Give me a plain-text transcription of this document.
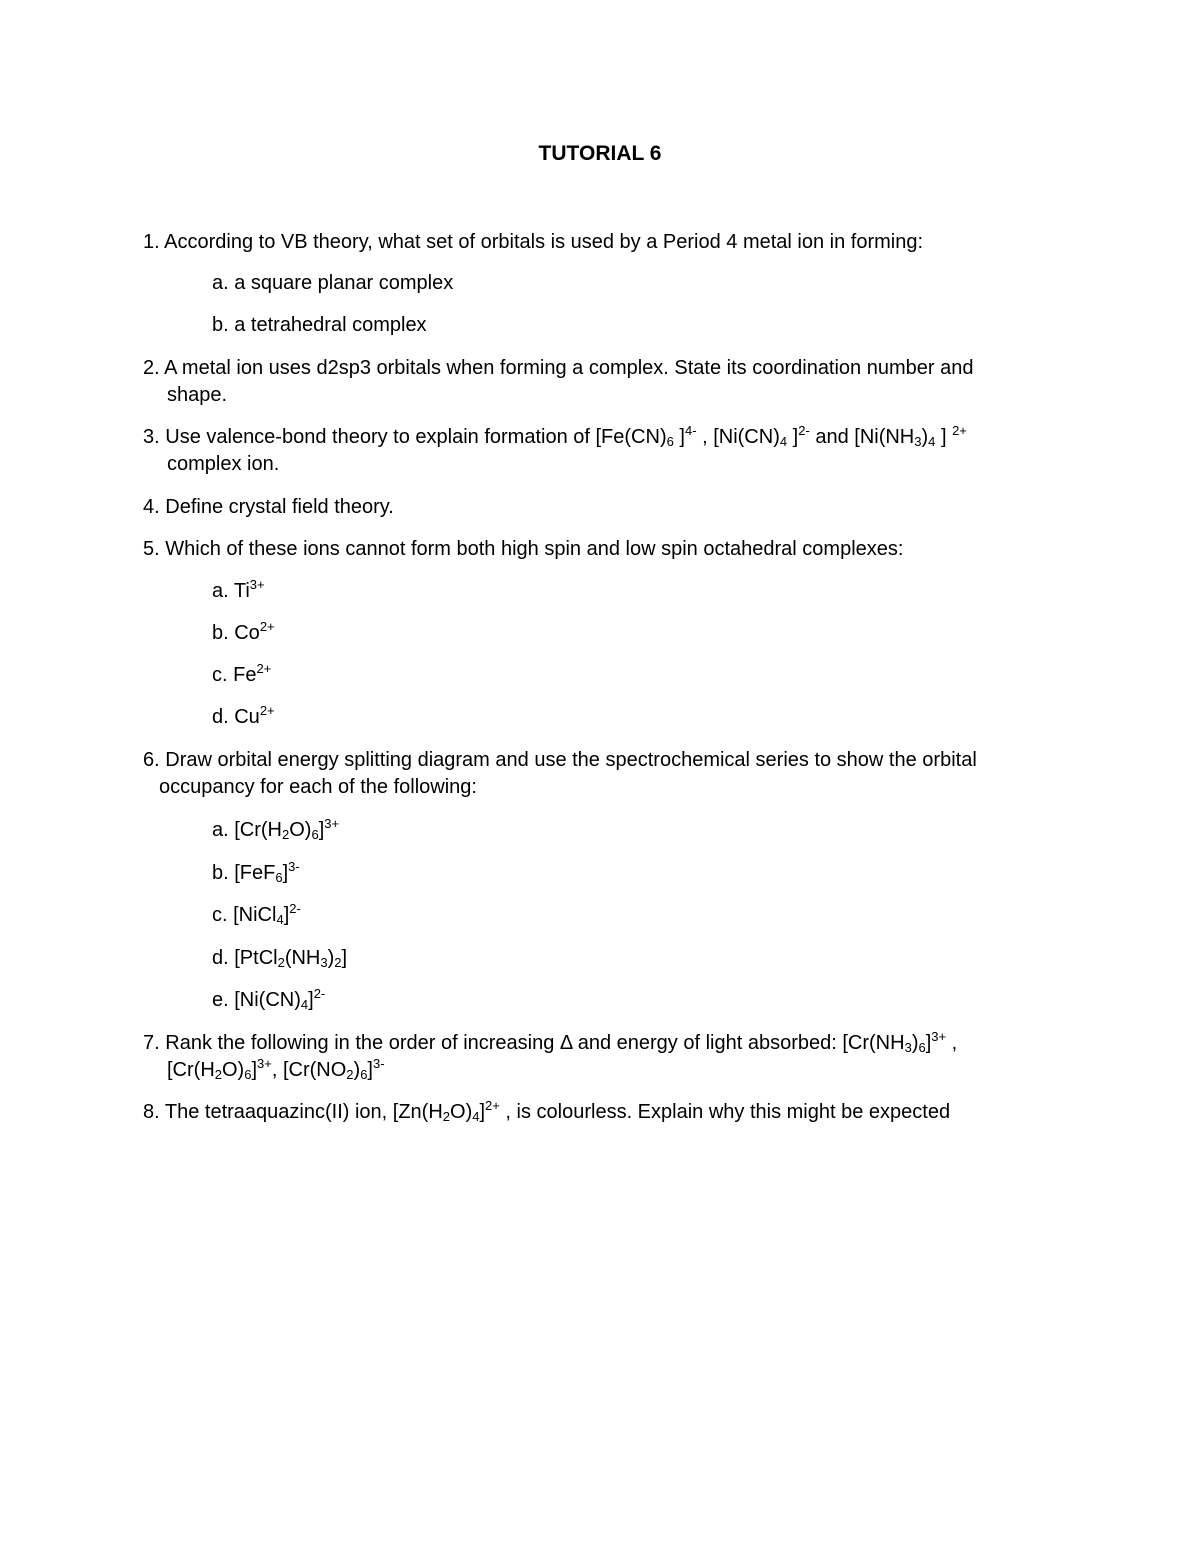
TUTORIAL 6
1. According to VB theory, what set of orbitals is used by a Period 4 metal ion in forming:
a. a square planar complex
b. a tetrahedral complex
2. A metal ion uses d2sp3 orbitals when forming a complex. State its coordination number and
shape.
3. Use valence-bond theory to explain formation of [$Fe(CN)_6$ ]$^{4-}$ , [$Ni(CN)_4$ ]$^{2-}$ and [$Ni(NH_3)_4$ ] $^{2+}$
complex ion.
4. Define crystal field theory.
5. Which of these ions cannot form both high spin and low spin octahedral complexes:
a. $Ti^{3+}$
b. $Co^{2+}$
c. $Fe^{2+}$
d. $Cu^{2+}$
6. Draw orbital energy splitting diagram and use the spectrochemical series to show the orbital
occupancy for each of the following:
a. $[Cr(H_2O)_6]^{3+}$
b. $[FeF_6]^{3-}$
c. [NiCl$_4$]$^{2-}$
d. $[PtCl_2(NH_3)_2]$
e. $[Ni(CN)_4]^{2-}$
7. Rank the following in the order of increasing Δ and energy of light absorbed: $[Cr(NH_3)_6]^{3+}$ ,
$[Cr(H_2O)_6]^{3+}$, $[Cr(NO_2)_6]^{3-}$
8. The tetraaquazinc(II) ion, $[Zn(H_2O)_4]^{2+}$ , is colourless. Explain why this might be expected
